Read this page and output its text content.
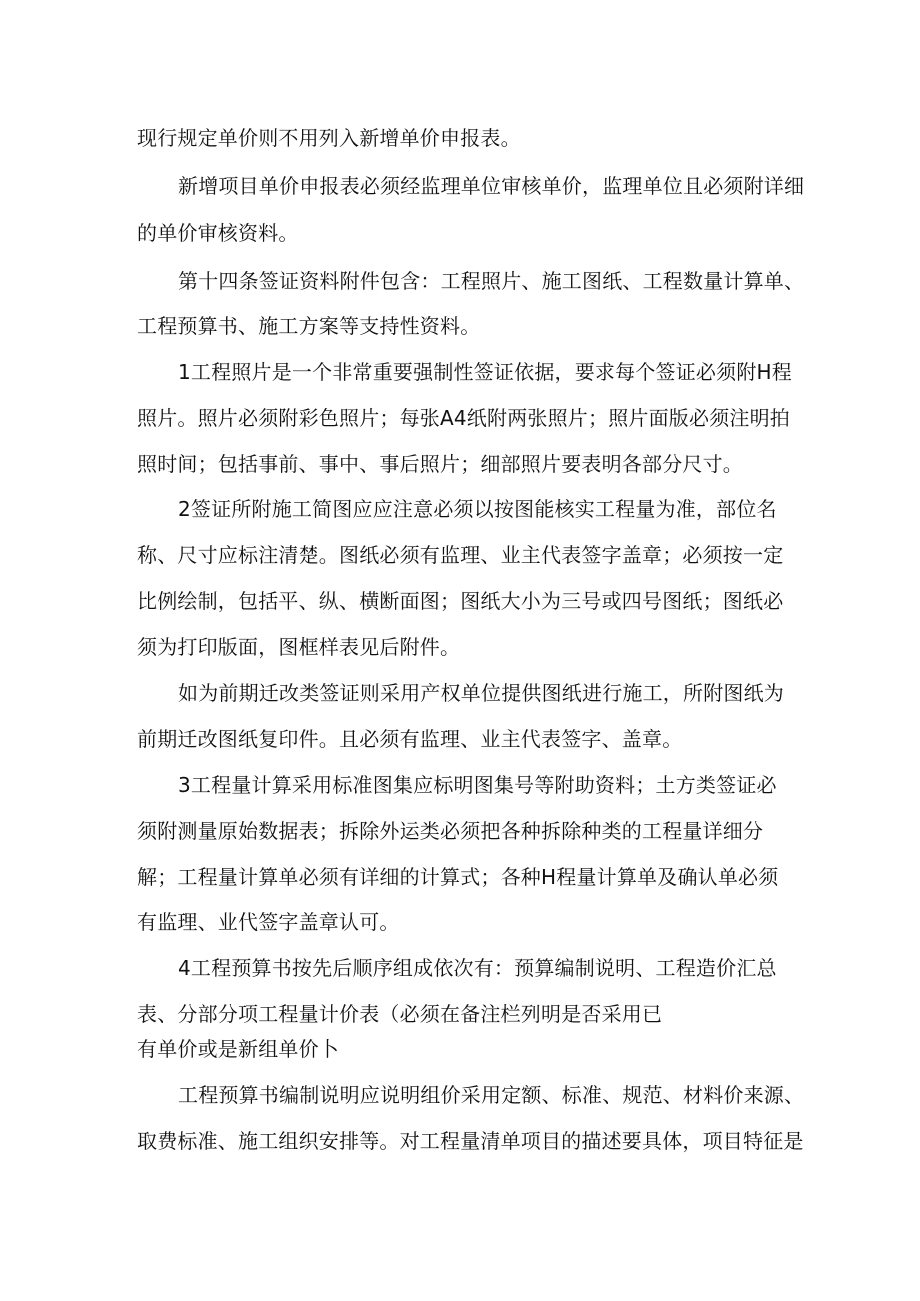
现行规定单价则不用列入新增单价申报表。
新增项目单价申报表必须经监理单位审核单价，监理单位且必须附详细
的单价审核资料。
第十四条签证资料附件包含：工程照片、施工图纸、工程数量计算单、
工程预算书、施工方案等支持性资料。
1工程照片是一个非常重要强制性签证依据，要求每个签证必须附H程
照片。照片必须附彩色照片；每张A4纸附两张照片；照片面版必须注明拍
照时间；包括事前、事中、事后照片；细部照片要表明各部分尺寸。
2签证所附施工简图应应注意必须以按图能核实工程量为准，部位名
称、尺寸应标注清楚。图纸必须有监理、业主代表签字盖章；必须按一定
比例绘制，包括平、纵、横断面图；图纸大小为三号或四号图纸；图纸必
须为打印版面，图框样表见后附件。
如为前期迁改类签证则采用产权单位提供图纸进行施工，所附图纸为
前期迁改图纸复印件。且必须有监理、业主代表签字、盖章。
3工程量计算采用标准图集应标明图集号等附助资料；土方类签证必
须附测量原始数据表；拆除外运类必须把各种拆除种类的工程量详细分
解；工程量计算单必须有详细的计算式；各种H程量计算单及确认单必须
有监理、业代签字盖章认可。
4工程预算书按先后顺序组成依次有：预算编制说明、工程造价汇总
表、分部分项工程量计价表（必须在备注栏列明是否采用已
有单价或是新组单价卜
工程预算书编制说明应说明组价采用定额、标准、规范、材料价来源、
取费标准、施工组织安排等。对工程量清单项目的描述要具体，项目特征是
